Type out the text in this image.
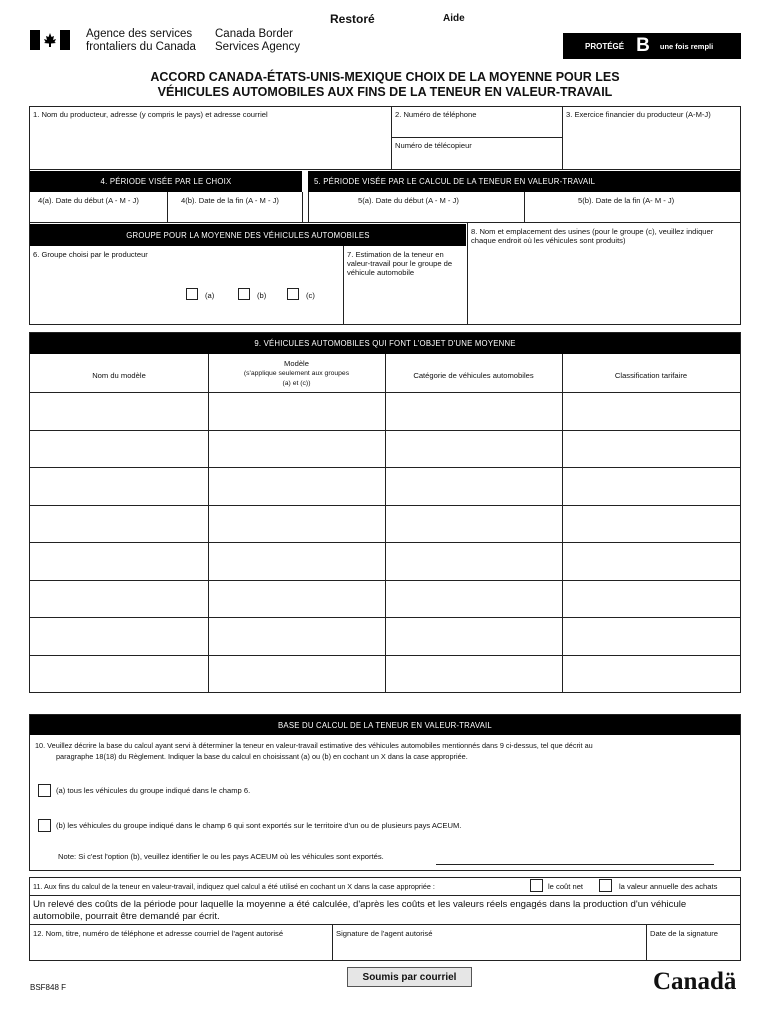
Restoré	Aide
Agence des services
frontaliers du Canada
Canada Border
Services Agency	PROTÉGÉ B une fois rempli
ACCORD CANADA-ÉTATS-UNIS-MEXIQUE CHOIX DE LA MOYENNE POUR LES
VÉHICULES AUTOMOBILES AUX FINS DE LA TENEUR EN VALEUR-TRAVAIL
1. Nom du producteur, adresse (y compris le pays) et adresse courriel	2. Numéro de téléphone
Numéro de télécopieur
3. Exercice financier du producteur (A-M-J)
4. PÉRIODE VISÉE PAR LE CHOIX	5. PÉRIODE VISÉE PAR LE CALCUL DE LA TENEUR EN VALEUR-TRAVAIL
4(a). Date du début (A - M - J)	4(b). Date de la fin (A - M - J)	5(a). Date du début (A - M - J)	5(b). Date de la fin (A- M - J)
GROUPE POUR LA MOYENNE DES VÉHICULES AUTOMOBILES	8. Nom et emplacement des usines (pour le groupe (c), veuillez indiquer chaque endroit où les véhicules sont produits)
6. Groupe choisi par le producteur	7. Estimation de la teneur en valeur-travail pour le groupe de véhicule automobile
(a)	(b)	(c)
9. VÉHICULES AUTOMOBILES QUI FONT L'OBJET D'UNE MOYENNE
Nom du modèle
Modèle
(s'applique seulement aux groupes
(a) et (c))
Catégorie de véhicules automobiles	Classification tarifaire
BASE DU CALCUL DE LA TENEUR EN VALEUR-TRAVAIL
10. Veuillez décrire la base du calcul ayant servi à déterminer la teneur en valeur-travail estimative des véhicules automobiles mentionnés dans 9 ci-dessus, tel que décrit au
paragraphe 18(18) du Règlement. Indiquer la base du calcul en choisissant (a) ou (b) en cochant un X dans la case appropriée.
(a) tous les véhicules du groupe indiqué dans le champ 6.
(b) les véhicules du groupe indiqué dans le champ 6 qui sont exportés sur le territoire d'un ou de plusieurs pays ACEUM.
Note: Si c'est l'option (b), veuillez identifier le ou les pays ACEUM où les véhicules sont exportés.
11. Aux fins du calcul de la teneur en valeur-travail, indiquez quel calcul a été utilisé en cochant un X dans la case appropriée :	le coût net	la valeur annuelle des achats
Un relevé des coûts de la période pour laquelle la moyenne a été calculée, d'après les coûts et les valeurs réels engagés dans la production d'un véhicule
automobile, pourrait être demandé par écrit.
12. Nom, titre, numéro de téléphone et adresse courriel de l'agent autorisé	Signature de l'agent autorisé	Date de la signature
BSF848 F
Soumis par courriel	Canadä
